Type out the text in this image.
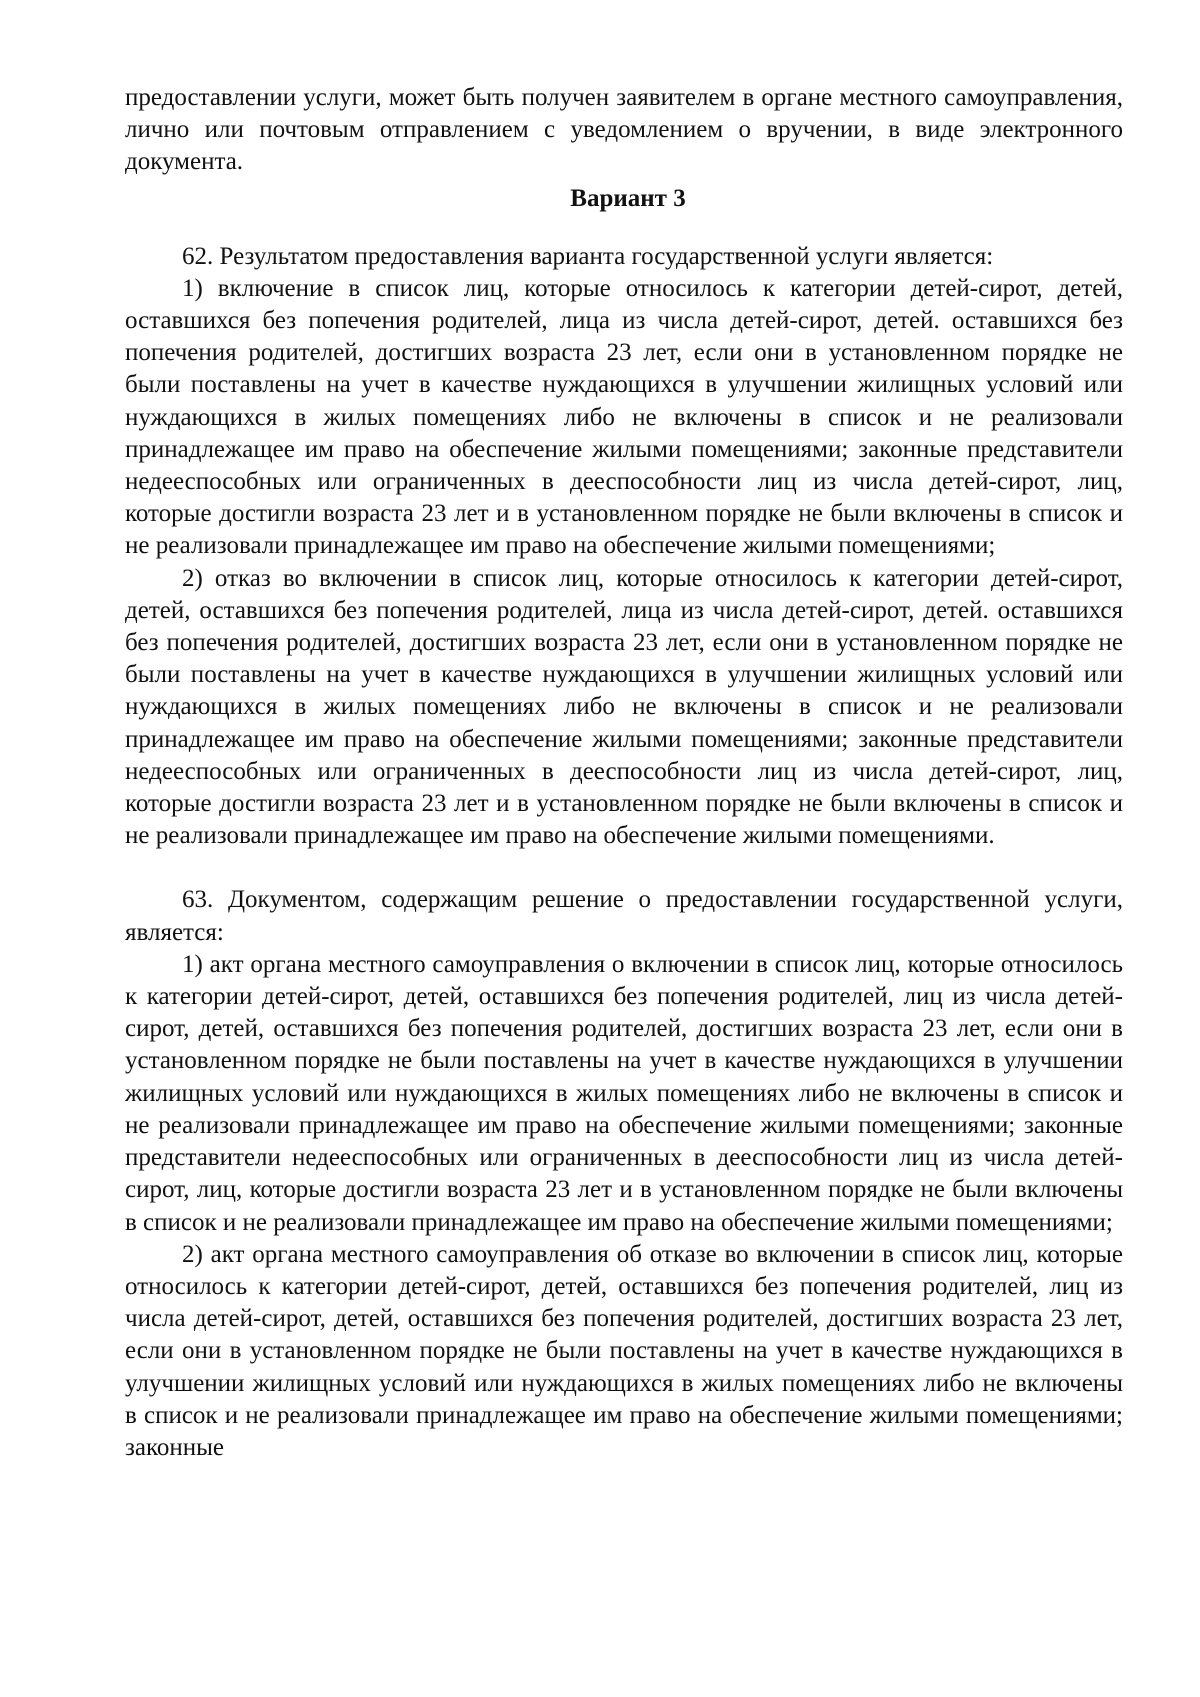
предоставлении услуги, может быть получен заявителем в органе местного самоуправления, лично или почтовым отправлением с уведомлением о вручении, в виде электронного документа.

Вариант 3

62. Результатом предоставления варианта государственной услуги является:

1) включение в список лиц, которые относилось к категории детей-сирот, детей, оставшихся без попечения родителей, лица из числа детей-сирот, детей. оставшихся без попечения родителей, достигших возраста 23 лет, если они в установленном порядке не были поставлены на учет в качестве нуждающихся в улучшении жилищных условий или нуждающихся в жилых помещениях либо не включены в список и не реализовали принадлежащее им право на обеспечение жилыми помещениями; законные представители недееспособных или ограниченных в дееспособности лиц из числа детей-сирот, лиц, которые достигли возраста 23 лет и в установленном порядке не были включены в список и не реализовали принадлежащее им право на обеспечение жилыми помещениями;

2) отказ во включении в список лиц, которые относилось к категории детей-сирот, детей, оставшихся без попечения родителей, лица из числа детей-сирот, детей. оставшихся без попечения родителей, достигших возраста 23 лет, если они в установленном порядке не были поставлены на учет в качестве нуждающихся в улучшении жилищных условий или нуждающихся в жилых помещениях либо не включены в список и не реализовали принадлежащее им право на обеспечение жилыми помещениями; законные представители недееспособных или ограниченных в дееспособности лиц из числа детей-сирот, лиц, которые достигли возраста 23 лет и в установленном порядке не были включены в список и не реализовали принадлежащее им право на обеспечение жилыми помещениями.

63. Документом, содержащим решение о предоставлении государственной услуги, является:

1) акт органа местного самоуправления о включении в список лиц, которые относилось к категории детей-сирот, детей, оставшихся без попечения родителей, лиц из числа детей-сирот, детей, оставшихся без попечения родителей, достигших возраста 23 лет, если они в установленном порядке не были поставлены на учет в качестве нуждающихся в улучшении жилищных условий или нуждающихся в жилых помещениях либо не включены в список и не реализовали принадлежащее им право на обеспечение жилыми помещениями; законные представители недееспособных или ограниченных в дееспособности лиц из числа детей-сирот, лиц, которые достигли возраста 23 лет и в установленном порядке не были включены в список и не реализовали принадлежащее им право на обеспечение жилыми помещениями;

2) акт органа местного самоуправления об отказе во включении в список лиц, которые относилось к категории детей-сирот, детей, оставшихся без попечения родителей, лиц из числа детей-сирот, детей, оставшихся без попечения родителей, достигших возраста 23 лет, если они в установленном порядке не были поставлены на учет в качестве нуждающихся в улучшении жилищных условий или нуждающихся в жилых помещениях либо не включены в список и не реализовали принадлежащее им право на обеспечение жилыми помещениями; законные
